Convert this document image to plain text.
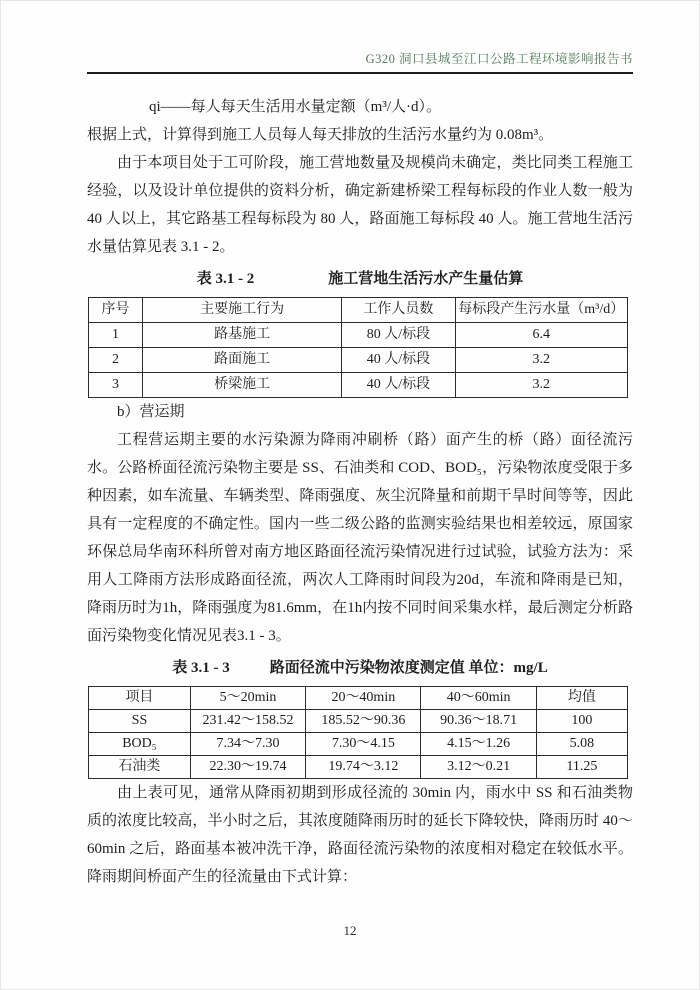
G320 洞口县城至江口公路工程环境影响报告书

qi——每人每天生活用水量定额（m³/人·d）。

根据上式，计算得到施工人员每人每天排放的生活污水量约为 0.08m³。

由于本项目处于工可阶段，施工营地数量及规模尚未确定，类比同类工程施工经验，以及设计单位提供的资料分析，确定新建桥梁工程每标段的作业人数一般为 40 人以上，其它路基工程每标段为 80 人，路面施工每标段 40 人。施工营地生活污水量估算见表 3.1 - 2。

表 3.1 - 2	施工营地生活污水产生量估算
序号	主要施工行为	工作人员数	每标段产生污水量（m³/d）
1	路基施工	80 人/标段	6.4
2	路面施工	40 人/标段	3.2
3	桥梁施工	40 人/标段	3.2

b）营运期

工程营运期主要的水污染源为降雨冲刷桥（路）面产生的桥（路）面径流污水。公路桥面径流污染物主要是 SS、石油类和 COD、BOD₅，污染物浓度受限于多种因素，如车流量、车辆类型、降雨强度、灰尘沉降量和前期干旱时间等等，因此具有一定程度的不确定性。国内一些二级公路的监测实验结果也相差较远，原国家环保总局华南环科所曾对南方地区路面径流污染情况进行过试验，试验方法为：采用人工降雨方法形成路面径流，两次人工降雨时间段为20d，车流和降雨是已知，降雨历时为1h，降雨强度为81.6mm，在1h内按不同时间采集水样，最后测定分析路面污染物变化情况见表3.1 - 3。

表 3.1 - 3	路面径流中污染物浓度测定值 单位：mg/L
项目	5～20min	20～40min	40～60min	均值
SS	231.42～158.52	185.52～90.36	90.36～18.71	100
BOD₅	7.34～7.30	7.30～4.15	4.15～1.26	5.08
石油类	22.30～19.74	19.74～3.12	3.12～0.21	11.25

由上表可见，通常从降雨初期到形成径流的 30min 内，雨水中 SS 和石油类物质的浓度比较高，半小时之后，其浓度随降雨历时的延长下降较快，降雨历时 40～60min 之后，路面基本被冲洗干净，路面径流污染物的浓度相对稳定在较低水平。降雨期间桥面产生的径流量由下式计算：

12
